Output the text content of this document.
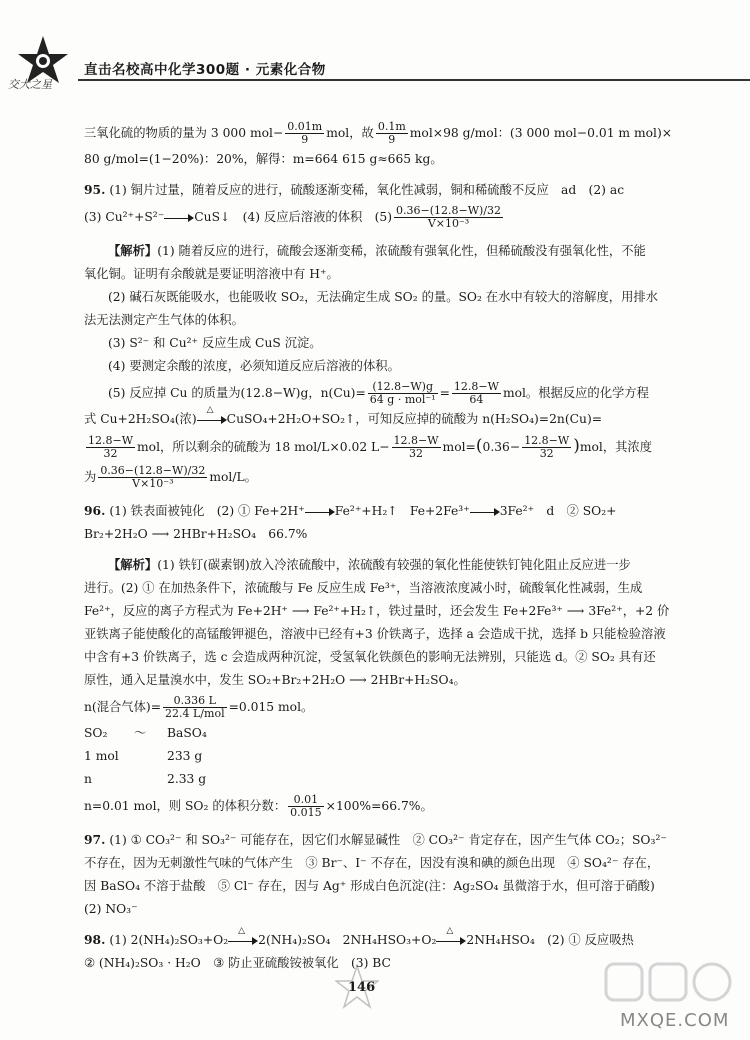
交大之星
直击名校高中化学300题 · 元素化合物
三氧化硫的物质的量为 3 000 $mol- \frac{0.01m}{9}$ mol，故 $\frac{0.1m}{9} mol\times 98$ g/mol：(3 000 mol−0.01 m mol)×
80 g/mol=(1−20%)：20%，解得：m=664 615 g≈665 kg。
95. (1) 铜片过量，随着反应的进行，硫酸逐渐变稀，氧化性减弱，铜和稀硫酸不反应　ad　(2) ac
(3) Cu²⁺+S²⁻ CuS↓　(4) 反应后溶液的体积　$(5) \frac{0.36-(12.8-W)/32}{\text{V×10⁻³}}$
【解析】(1) 随着反应的进行，硫酸会逐渐变稀，浓硫酸有强氧化性，但稀硫酸没有强氧化性，不能
氧化铜。证明有余酸就是要证明溶液中有 H⁺。
(2) 碱石灰既能吸水，也能吸收 SO₂，无法确定生成 SO₂ 的量。SO₂ 在水中有较大的溶解度，用排水
法无法测定产生气体的体积。
(3) S²⁻ 和 Cu²⁺ 反应生成 CuS 沉淀。
(4) 要测定余酸的浓度，必须知道反应后溶液的体积。
(5) 反应掉 Cu 的质量为(12.8−W)g，$n(Cu)= \frac{(12.8-W)g}{\text{64 g · mol⁻¹}} = \frac{12.8-W}{64}$ mol。根据反应的化学方程
式 Cu+2H₂SO₄(浓)
△
CuSO₄+2H₂O+SO₂↑，可知反应掉的硫酸为 n(H₂SO₄)=2n(Cu)=
$\frac{12.8-W}{32}$ mol，所以剩余的硫酸为 18 mol/L×0.02 $L- \frac{12.8-W}{32} mol=(0.36- \frac{12.8-W}{32} )mol$，其浓度
为 $\frac{0.36-(12.8-W)/32}{\text{V×10⁻³}} mol/L$。
96. (1) 铁表面被钝化　(2) ① Fe+2H⁺ Fe²⁺+H₂↑　Fe+2Fe³⁺ 3Fe²⁺　d　② SO₂+
Br₂+2H₂O ⟶ 2HBr+H₂SO₄　66.7%
【解析】(1) 铁钉(碳素钢)放入冷浓硫酸中，浓硫酸有较强的氧化性能使铁钉钝化阻止反应进一步
进行。(2) ① 在加热条件下，浓硫酸与 Fe 反应生成 Fe³⁺，当溶液浓度减小时，硫酸氧化性减弱，生成
Fe²⁺，反应的离子方程式为 Fe+2H⁺ ⟶ Fe²⁺+H₂↑，铁过量时，还会发生 Fe+2Fe³⁺ ⟶ 3Fe²⁺，+2 价
亚铁离子能使酸化的高锰酸钾褪色，溶液中已经有+3 价铁离子，选择 a 会造成干扰，选择 b 只能检验溶液
中含有+3 价铁离子，选 c 会造成两种沉淀，受氢氧化铁颜色的影响无法辨别，只能选 d。② SO₂ 具有还
原性，通入足量溴水中，发生 SO₂+Br₂+2H₂O ⟶ 2HBr+H₂SO₄。
n(混合气体)= $\frac{0.336 L}{\text{22.4 L/mol}} =0.015$ mol。
SO₂ ～ BaSO₄
1 mol	233 g
n	2.33 g
n=0.01 mol，则 SO₂ 的体积分数： $\frac{0.01}{0.015} \times 100\%=66.7\%$。
97. (1) ① CO₃²⁻ 和 SO₃²⁻ 可能存在，因它们水解显碱性　② CO₃²⁻ 肯定存在，因产生气体 CO₂；SO₃²⁻
不存在，因为无刺激性气味的气体产生　③ Br⁻、I⁻ 不存在，因没有溴和碘的颜色出现　④ SO₄²⁻ 存在，
因 BaSO₄ 不溶于盐酸　⑤ Cl⁻ 存在，因与 Ag⁺ 形成白色沉淀(注：Ag₂SO₄ 虽微溶于水，但可溶于硝酸)
(2) NO₃⁻
98. (1) 2(NH₄)₂SO₃+O₂
△
2(NH₄)₂SO₄　2NH₄HSO₃+O₂
△
2NH₄HSO₄　(2) ① 反应吸热
② (NH₄)₂SO₃ · H₂O　③ 防止亚硫酸铵被氧化　(3) BC
146
MXQE.COM
